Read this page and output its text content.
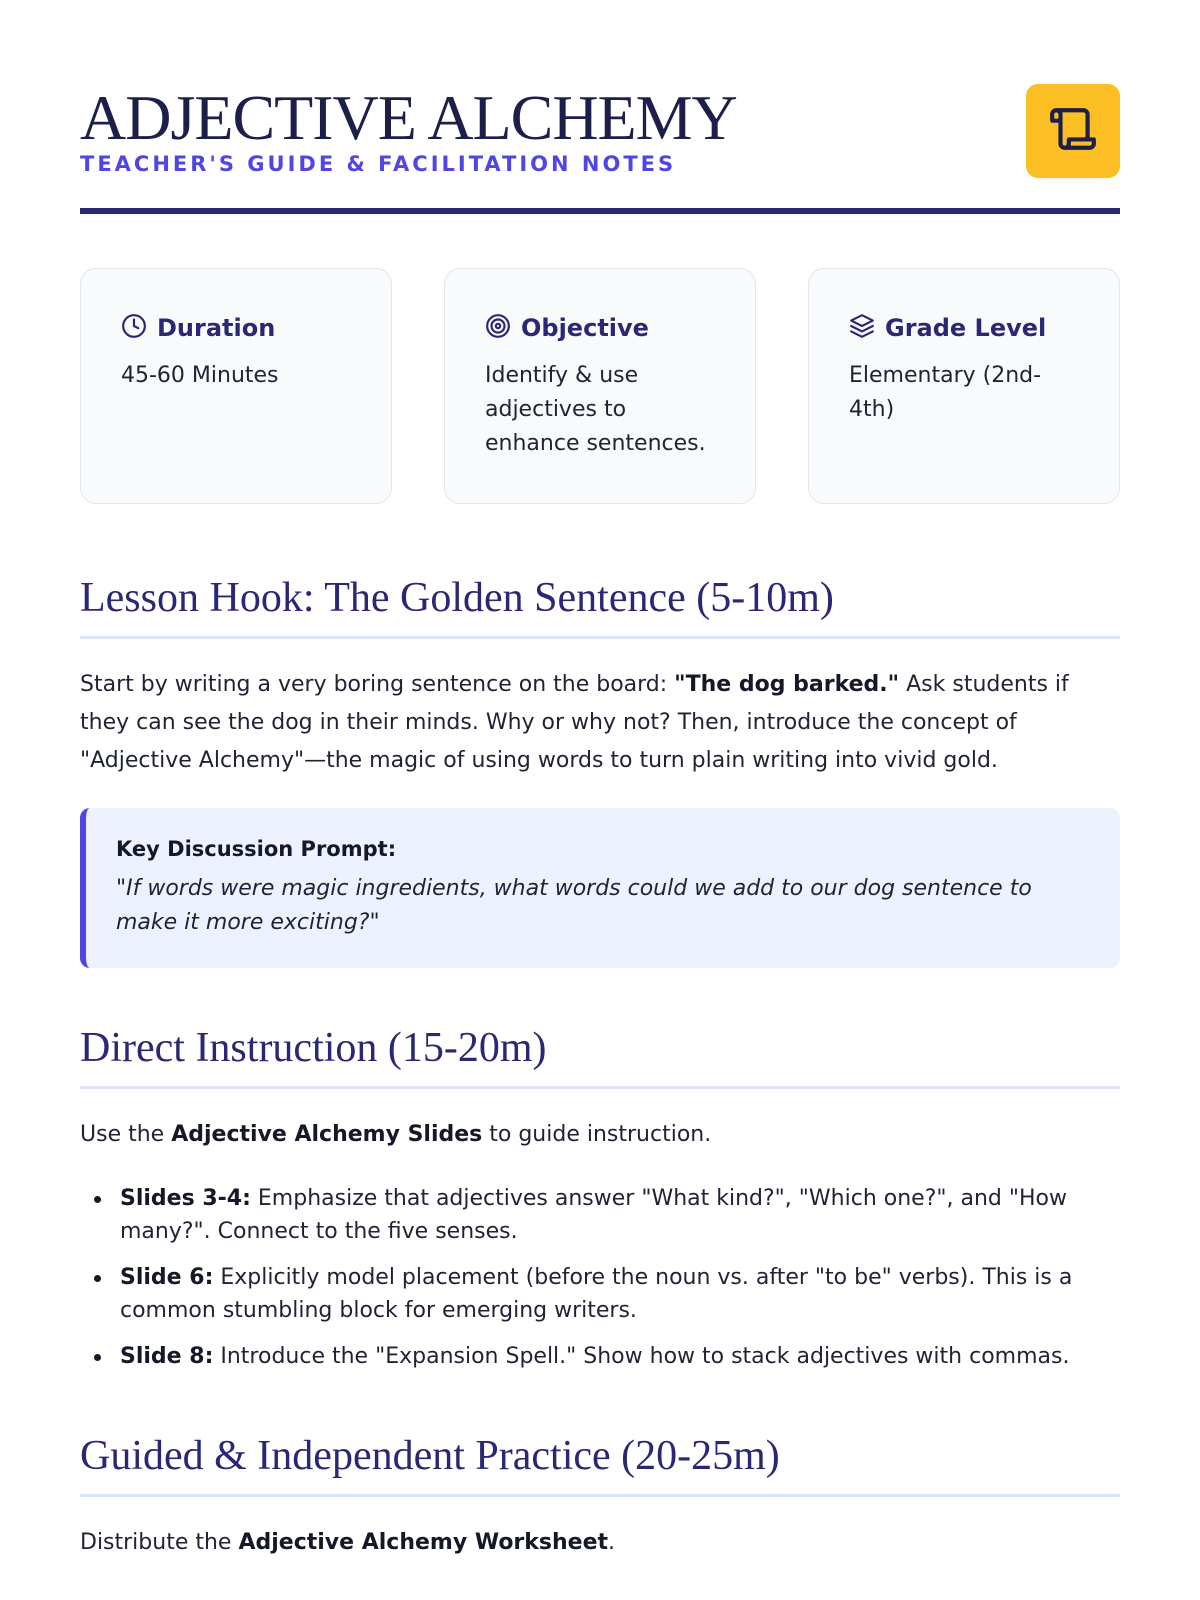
ADJECTIVE ALCHEMY
TEACHER'S GUIDE & FACILITATION NOTES
Duration
45-60 Minutes
Objective
Identify & use adjectives to enhance sentences.
Grade Level
Elementary (2nd-4th)
Lesson Hook: The Golden Sentence (5-10m)
Start by writing a very boring sentence on the board: "The dog barked." Ask students if they can see the dog in their minds. Why or why not? Then, introduce the concept of "Adjective Alchemy"—the magic of using words to turn plain writing into vivid gold.
Key Discussion Prompt:
"If words were magic ingredients, what words could we add to our dog sentence to make it more exciting?"
Direct Instruction (15-20m)
Use the Adjective Alchemy Slides to guide instruction.
Slides 3-4: Emphasize that adjectives answer "What kind?", "Which one?", and "How many?". Connect to the five senses.
Slide 6: Explicitly model placement (before the noun vs. after "to be" verbs). This is a common stumbling block for emerging writers.
Slide 8: Introduce the "Expansion Spell." Show how to stack adjectives with commas.
Guided & Independent Practice (20-25m)
Distribute the Adjective Alchemy Worksheet.
